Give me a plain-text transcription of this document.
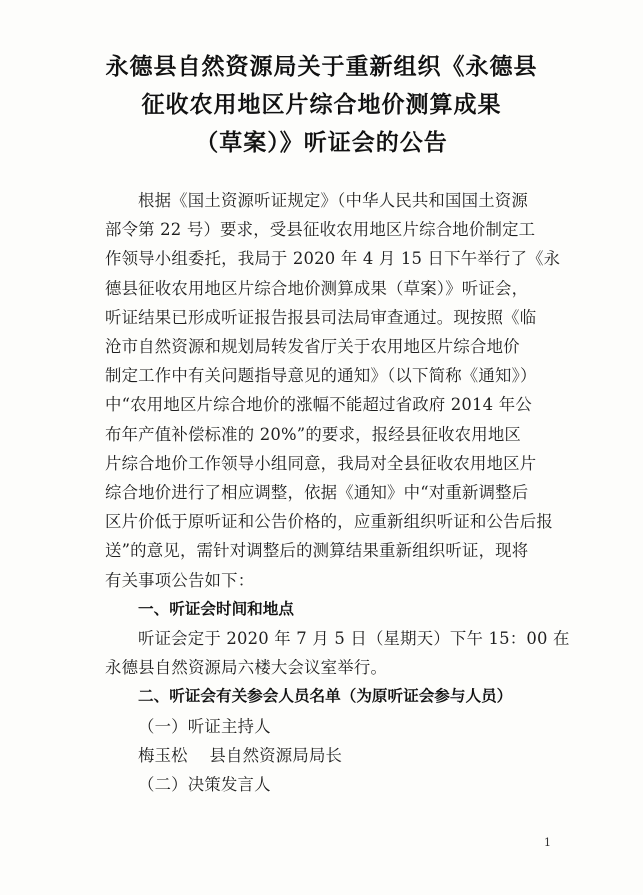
永德县自然资源局关于重新组织《永德县
征收农用地区片综合地价测算成果
（草案）》听证会的公告
根据《国土资源听证规定》（中华人民共和国国土资源
部令第 22 号）要求，受县征收农用地区片综合地价制定工
作领导小组委托，我局于 2020 年 4 月 15 日下午举行了《永
德县征收农用地区片综合地价测算成果（草案）》听证会，
听证结果已形成听证报告报县司法局审查通过。现按照《临
沧市自然资源和规划局转发省厅关于农用地区片综合地价
制定工作中有关问题指导意见的通知》（以下简称《通知》）
中“农用地区片综合地价的涨幅不能超过省政府 2014 年公
布年产值补偿标准的 20%”的要求，报经县征收农用地区
片综合地价工作领导小组同意，我局对全县征收农用地区片
综合地价进行了相应调整，依据《通知》中“对重新调整后
区片价低于原听证和公告价格的，应重新组织听证和公告后报
送”的意见，需针对调整后的测算结果重新组织听证，现将
有关事项公告如下：
一、听证会时间和地点
听证会定于 2020 年 7 月 5 日（星期天）下午 15：00 在
永德县自然资源局六楼大会议室举行。
二、听证会有关参会人员名单（为原听证会参与人员）
（一）听证主持人
梅玉松    县自然资源局局长
（二）决策发言人
1
